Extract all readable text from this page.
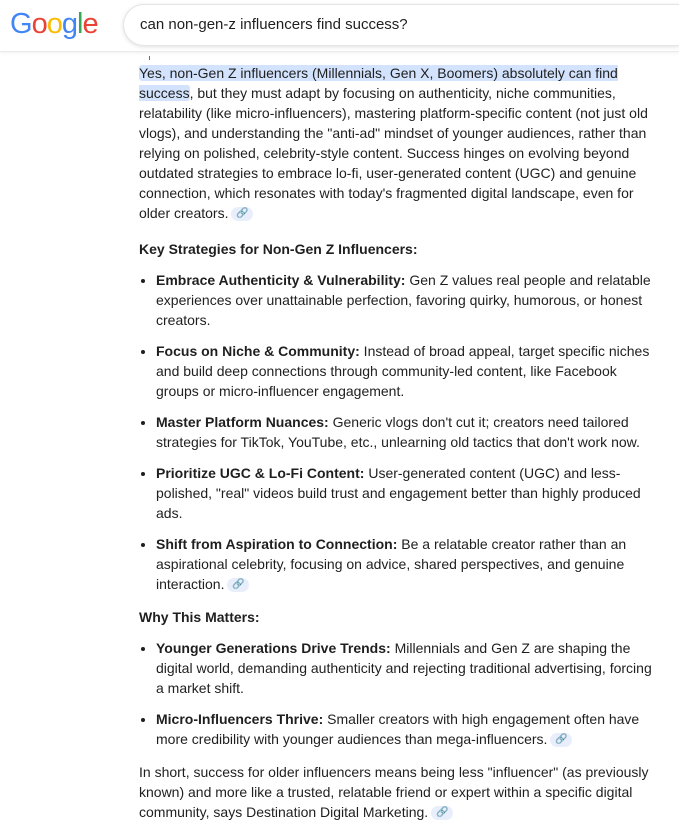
Google
can non-gen-z influencers find success?

Yes, non-Gen Z influencers (Millennials, Gen X, Boomers) absolutely can find success, but they must adapt by focusing on authenticity, niche communities, relatability (like micro-influencers), mastering platform-specific content (not just old vlogs), and understanding the "anti-ad" mindset of younger audiences, rather than relying on polished, celebrity-style content. Success hinges on evolving beyond outdated strategies to embrace lo-fi, user-generated content (UGC) and genuine connection, which resonates with today's fragmented digital landscape, even for older creators. 🔗

Key Strategies for Non-Gen Z Influencers:
• Embrace Authenticity & Vulnerability: Gen Z values real people and relatable experiences over unattainable perfection, favoring quirky, humorous, or honest creators.
• Focus on Niche & Community: Instead of broad appeal, target specific niches and build deep connections through community-led content, like Facebook groups or micro-influencer engagement.
• Master Platform Nuances: Generic vlogs don't cut it; creators need tailored strategies for TikTok, YouTube, etc., unlearning old tactics that don't work now.
• Prioritize UGC & Lo-Fi Content: User-generated content (UGC) and less-polished, "real" videos build trust and engagement better than highly produced ads.
• Shift from Aspiration to Connection: Be a relatable creator rather than an aspirational celebrity, focusing on advice, shared perspectives, and genuine interaction. 🔗
Why This Matters:
• Younger Generations Drive Trends: Millennials and Gen Z are shaping the digital world, demanding authenticity and rejecting traditional advertising, forcing a market shift.
• Micro-Influencers Thrive: Smaller creators with high engagement often have more credibility with younger audiences than mega-influencers. 🔗

In short, success for older influencers means being less "influencer" (as previously known) and more like a trusted, relatable friend or expert within a specific digital community, says Destination Digital Marketing. 🔗
